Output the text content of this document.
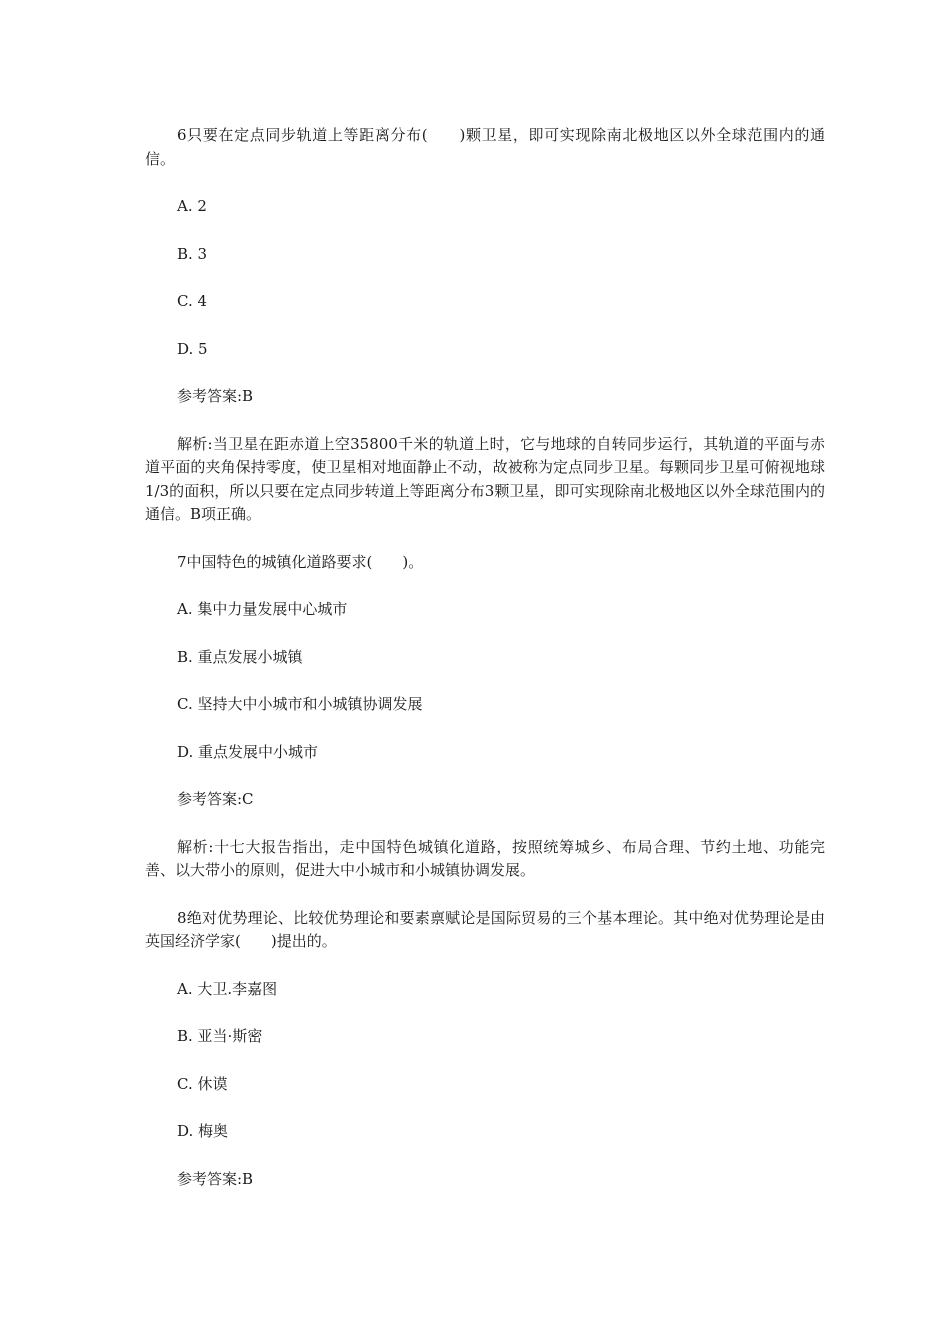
6只要在定点同步轨道上等距离分布(　　)颗卫星，即可实现除南北极地区以外全球范围内的通信。

A. 2
B. 3
C. 4
D. 5
参考答案:B

解析:当卫星在距赤道上空35800千米的轨道上时，它与地球的自转同步运行，其轨道的平面与赤道平面的夹角保持零度，使卫星相对地面静止不动，故被称为定点同步卫星。每颗同步卫星可俯视地球1/3的面积，所以只要在定点同步转道上等距离分布3颗卫星，即可实现除南北极地区以外全球范围内的通信。B项正确。

7中国特色的城镇化道路要求(　　)。

A. 集中力量发展中心城市
B. 重点发展小城镇
C. 坚持大中小城市和小城镇协调发展
D. 重点发展中小城市
参考答案:C

解析:十七大报告指出，走中国特色城镇化道路，按照统筹城乡、布局合理、节约土地、功能完善、以大带小的原则，促进大中小城市和小城镇协调发展。

8绝对优势理论、比较优势理论和要素禀赋论是国际贸易的三个基本理论。其中绝对优势理论是由英国经济学家(　　)提出的。

A. 大卫.李嘉图
B. 亚当·斯密
C. 休谟
D. 梅奥
参考答案:B
